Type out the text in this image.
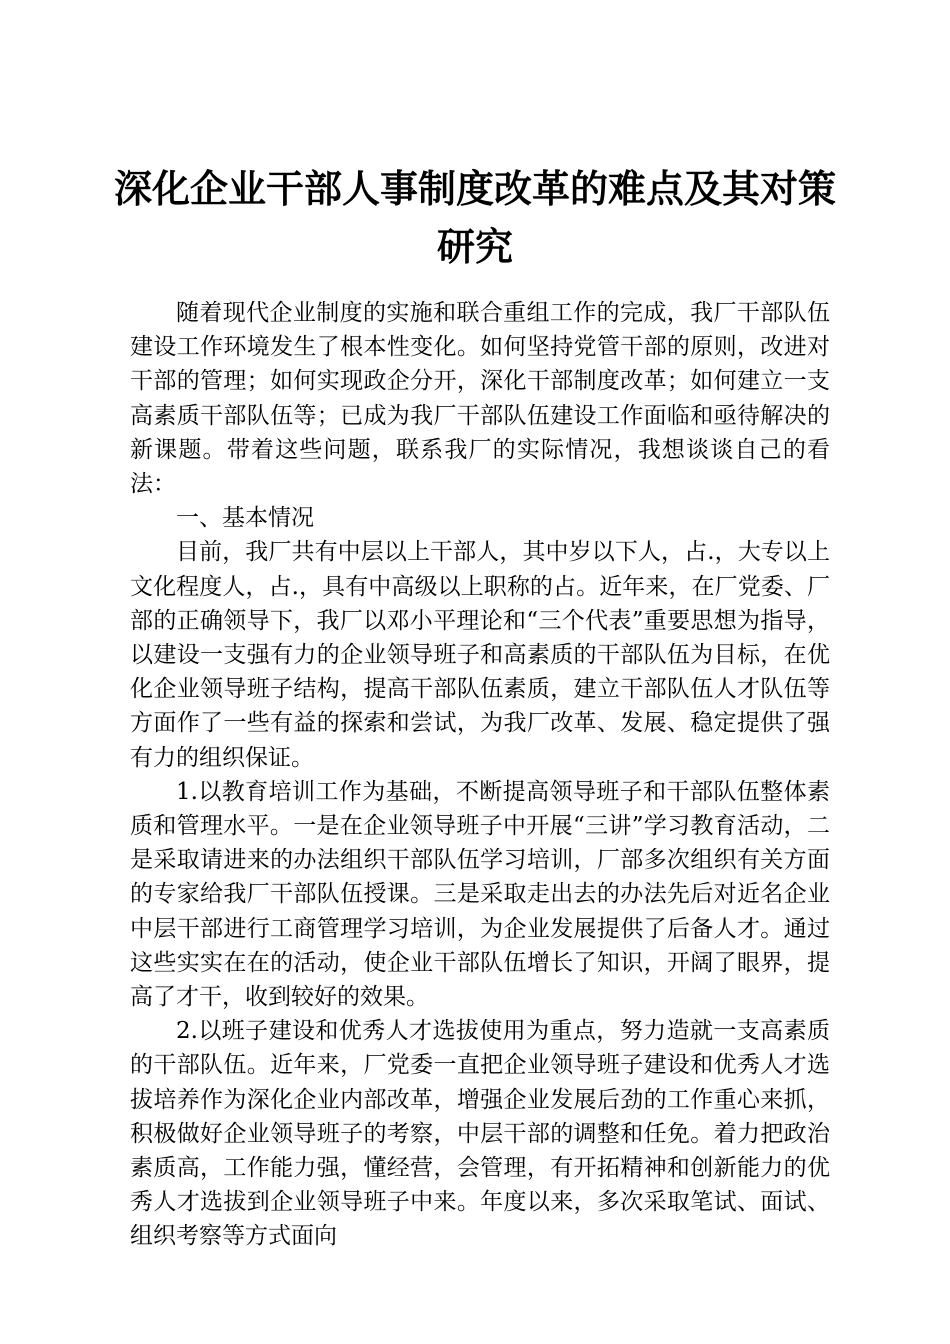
深化企业干部人事制度改革的难点及其对策研究

随着现代企业制度的实施和联合重组工作的完成，我厂干部队伍建设工作环境发生了根本性变化。如何坚持党管干部的原则，改进对干部的管理；如何实现政企分开，深化干部制度改革；如何建立一支高素质干部队伍等；已成为我厂干部队伍建设工作面临和亟待解决的新课题。带着这些问题，联系我厂的实际情况，我想谈谈自己的看法：

一、基本情况

目前，我厂共有中层以上干部人，其中岁以下人，占.，大专以上文化程度人，占.，具有中高级以上职称的占。近年来，在厂党委、厂部的正确领导下，我厂以邓小平理论和“三个代表”重要思想为指导，以建设一支强有力的企业领导班子和高素质的干部队伍为目标，在优化企业领导班子结构，提高干部队伍素质，建立干部队伍人才队伍等方面作了一些有益的探索和尝试，为我厂改革、发展、稳定提供了强有力的组织保证。

1.以教育培训工作为基础，不断提高领导班子和干部队伍整体素质和管理水平。一是在企业领导班子中开展“三讲”学习教育活动，二是采取请进来的办法组织干部队伍学习培训，厂部多次组织有关方面的专家给我厂干部队伍授课。三是采取走出去的办法先后对近名企业中层干部进行工商管理学习培训，为企业发展提供了后备人才。通过这些实实在在的活动，使企业干部队伍增长了知识，开阔了眼界，提高了才干，收到较好的效果。

2.以班子建设和优秀人才选拔使用为重点，努力造就一支高素质的干部队伍。近年来，厂党委一直把企业领导班子建设和优秀人才选拔培养作为深化企业内部改革，增强企业发展后劲的工作重心来抓，积极做好企业领导班子的考察，中层干部的调整和任免。着力把政治素质高，工作能力强，懂经营，会管理，有开拓精神和创新能力的优秀人才选拔到企业领导班子中来。年度以来，多次采取笔试、面试、组织考察等方式面向
